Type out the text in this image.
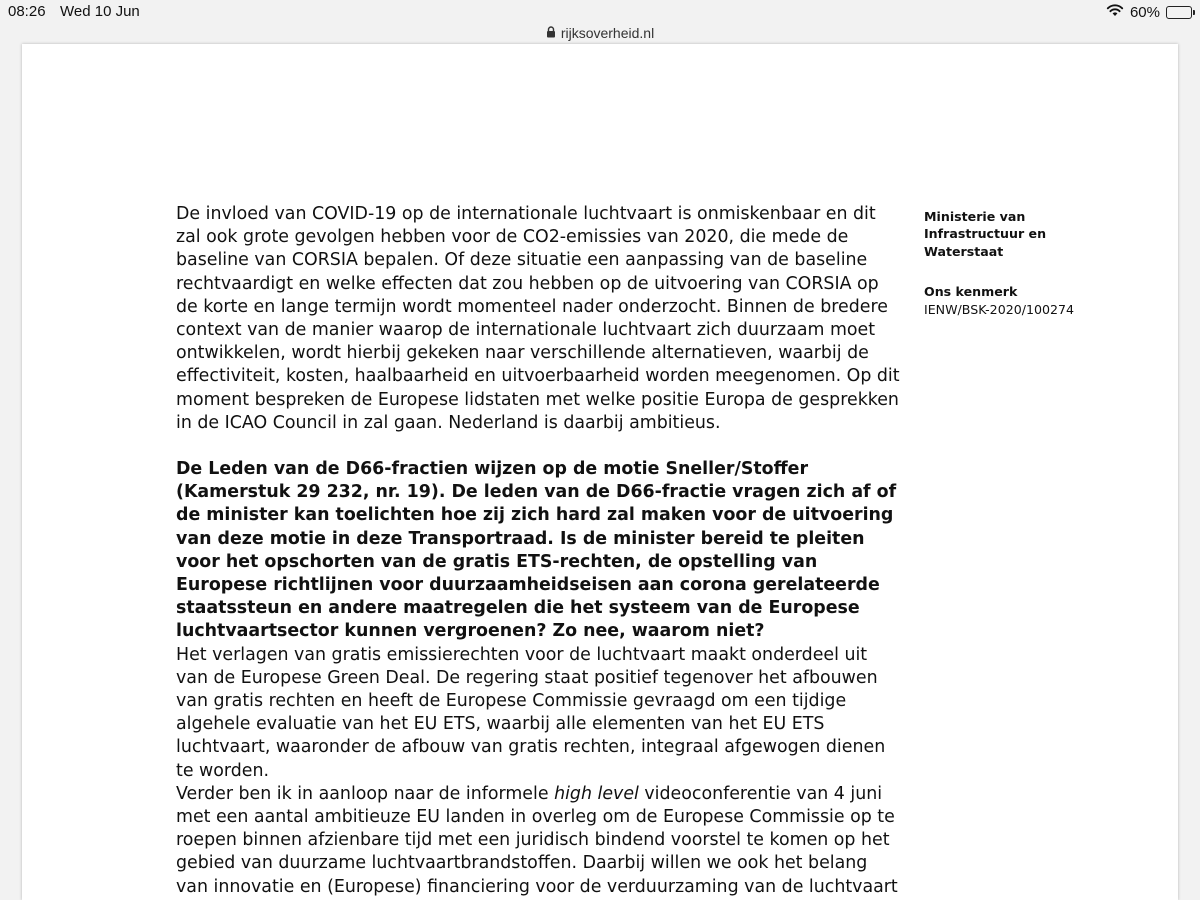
08:26 Wed 10 Jun	60%
rijksoverheid.nl
Ministerie van
Infrastructuur en
Waterstaat
Ons kenmerk
IENW/BSK-2020/100274

De invloed van COVID-19 op de internationale luchtvaart is onmiskenbaar en dit
zal ook grote gevolgen hebben voor de CO2-emissies van 2020, die mede de
baseline van CORSIA bepalen. Of deze situatie een aanpassing van de baseline
rechtvaardigt en welke effecten dat zou hebben op de uitvoering van CORSIA op
de korte en lange termijn wordt momenteel nader onderzocht. Binnen de bredere
context van de manier waarop de internationale luchtvaart zich duurzaam moet
ontwikkelen, wordt hierbij gekeken naar verschillende alternatieven, waarbij de
effectiviteit, kosten, haalbaarheid en uitvoerbaarheid worden meegenomen. Op dit
moment bespreken de Europese lidstaten met welke positie Europa de gesprekken
in de ICAO Council in zal gaan. Nederland is daarbij ambitieus.

De Leden van de D66-fractien wijzen op de motie Sneller/Stoffer
(Kamerstuk 29 232, nr. 19). De leden van de D66-fractie vragen zich af of
de minister kan toelichten hoe zij zich hard zal maken voor de uitvoering
van deze motie in deze Transportraad. Is de minister bereid te pleiten
voor het opschorten van de gratis ETS-rechten, de opstelling van
Europese richtlijnen voor duurzaamheidseisen aan corona gerelateerde
staatssteun en andere maatregelen die het systeem van de Europese
luchtvaartsector kunnen vergroenen? Zo nee, waarom niet?

Het verlagen van gratis emissierechten voor de luchtvaart maakt onderdeel uit
van de Europese Green Deal. De regering staat positief tegenover het afbouwen
van gratis rechten en heeft de Europese Commissie gevraagd om een tijdige
algehele evaluatie van het EU ETS, waarbij alle elementen van het EU ETS
luchtvaart, waaronder de afbouw van gratis rechten, integraal afgewogen dienen
te worden.

Verder ben ik in aanloop naar de informele high level videoconferentie van 4 juni
met een aantal ambitieuze EU landen in overleg om de Europese Commissie op te
roepen binnen afzienbare tijd met een juridisch bindend voorstel te komen op het
gebied van duurzame luchtvaartbrandstoffen. Daarbij willen we ook het belang
van innovatie en (Europese) financiering voor de verduurzaming van de luchtvaart
